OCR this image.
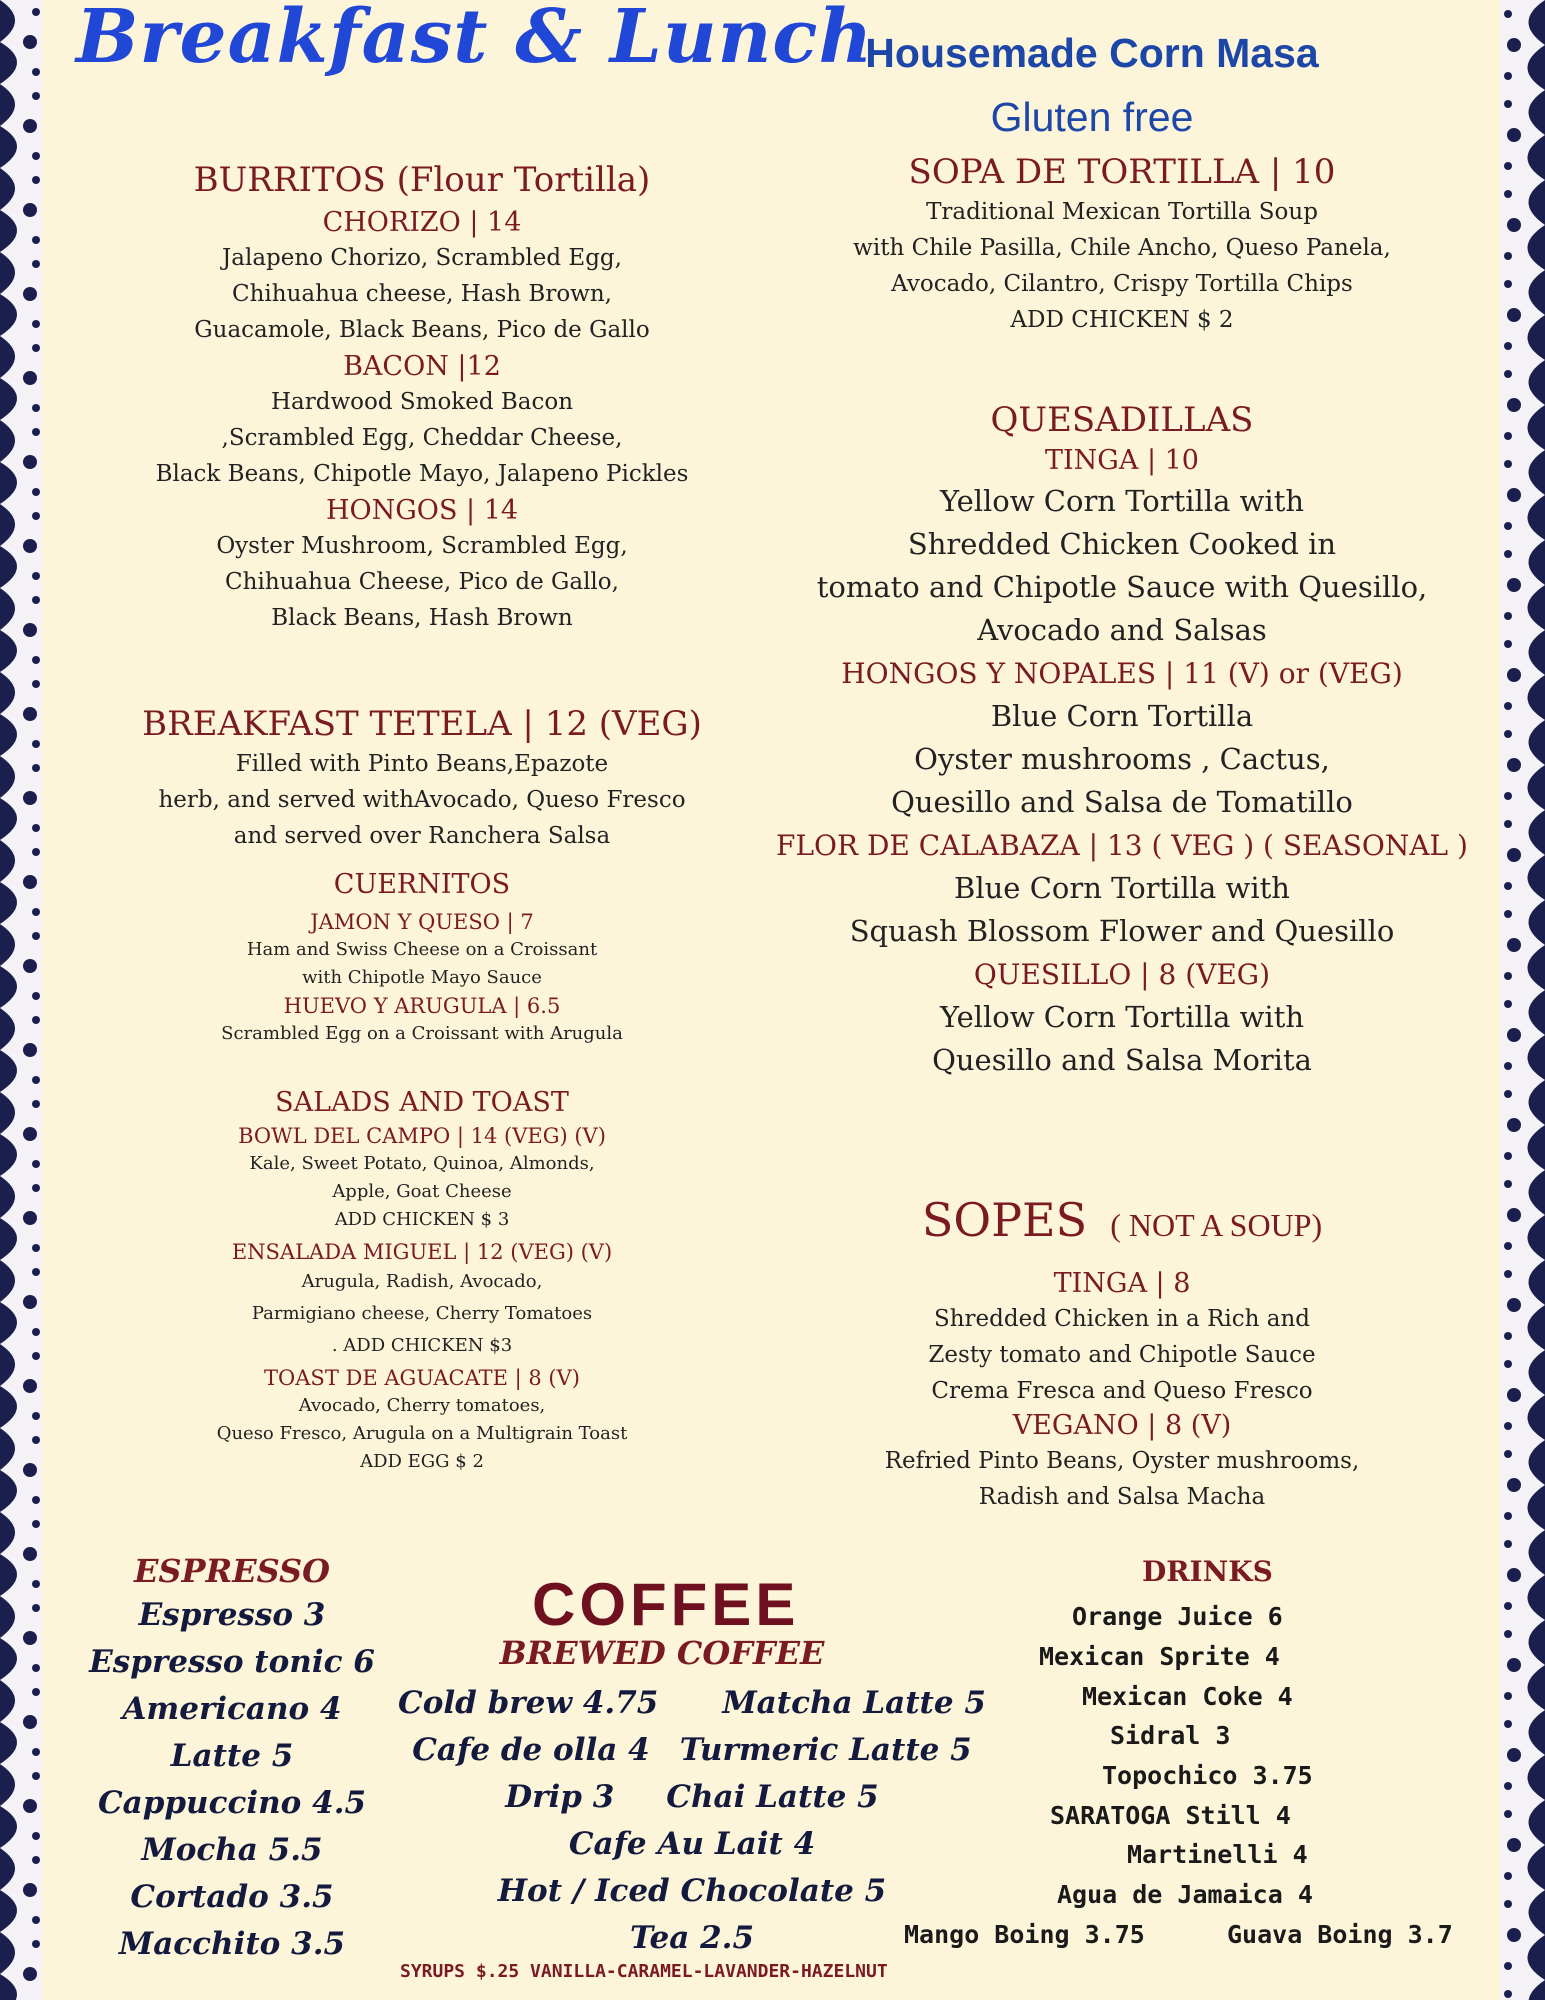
Breakfast & Lunch
Housemade Corn Masa
Gluten free
BURRITOS (Flour Tortilla)
CHORIZO | 14
Jalapeno Chorizo, Scrambled Egg,
Chihuahua cheese, Hash Brown,
Guacamole, Black Beans, Pico de Gallo
BACON |12
Hardwood Smoked Bacon
,Scrambled Egg, Cheddar Cheese,
Black Beans, Chipotle Mayo, Jalapeno Pickles
HONGOS | 14
Oyster Mushroom, Scrambled Egg,
Chihuahua Cheese, Pico de Gallo,
Black Beans, Hash Brown
BREAKFAST TETELA | 12 (VEG)
Filled with Pinto Beans,Epazote
herb, and served withAvocado, Queso Fresco
and served over Ranchera Salsa
CUERNITOS
JAMON Y QUESO | 7
Ham and Swiss Cheese on a Croissant
with Chipotle Mayo Sauce
HUEVO Y ARUGULA | 6.5
Scrambled Egg on a Croissant with Arugula
SALADS AND TOAST
BOWL DEL CAMPO | 14 (VEG) (V)
Kale, Sweet Potato, Quinoa, Almonds,
Apple, Goat Cheese
ADD CHICKEN $ 3
ENSALADA MIGUEL | 12 (VEG) (V)
Arugula, Radish, Avocado,
Parmigiano cheese, Cherry Tomatoes
. ADD CHICKEN $3
TOAST DE AGUACATE | 8 (V)
Avocado, Cherry tomatoes,
Queso Fresco, Arugula on a Multigrain Toast
ADD EGG $ 2
SOPA DE TORTILLA | 10
Traditional Mexican Tortilla Soup
with Chile Pasilla, Chile Ancho, Queso Panela,
Avocado, Cilantro, Crispy Tortilla Chips
ADD CHICKEN $ 2
QUESADILLAS
TINGA | 10
Yellow Corn Tortilla with
Shredded Chicken Cooked in
tomato and Chipotle Sauce with Quesillo,
Avocado and Salsas
HONGOS Y NOPALES | 11 (V) or (VEG)
Blue Corn Tortilla
Oyster mushrooms , Cactus,
Quesillo and Salsa de Tomatillo
FLOR DE CALABAZA | 13 ( VEG ) ( SEASONAL )
Blue Corn Tortilla with
Squash Blossom Flower and Quesillo
QUESILLO | 8 (VEG)
Yellow Corn Tortilla with
Quesillo and Salsa Morita
SOPES ( NOT A SOUP)
TINGA | 8
Shredded Chicken in a Rich and
Zesty tomato and Chipotle Sauce
Crema Fresca and Queso Fresco
VEGANO | 8 (V)
Refried Pinto Beans, Oyster mushrooms,
Radish and Salsa Macha
ESPRESSO
Espresso 3
Espresso tonic 6
Americano 4
Latte 5
Cappuccino 4.5
Mocha 5.5
Cortado 3.5
Macchito 3.5
COFFEE
BREWED COFFEE
Cold brew 4.75 Matcha Latte 5
Cafe de olla 4 Turmeric Latte 5
Drip 3 Chai Latte 5
Cafe Au Lait 4
Hot / Iced Chocolate 5
Tea 2.5
SYRUPS $.25 VANILLA-CARAMEL-LAVANDER-HAZELNUT
DRINKS
Orange Juice 6
Mexican Sprite 4
Mexican Coke 4
Sidral 3
Topochico 3.75
SARATOGA Still 4
Martinelli 4
Agua de Jamaica 4
Mango Boing 3.75	Guava Boing 3.7
